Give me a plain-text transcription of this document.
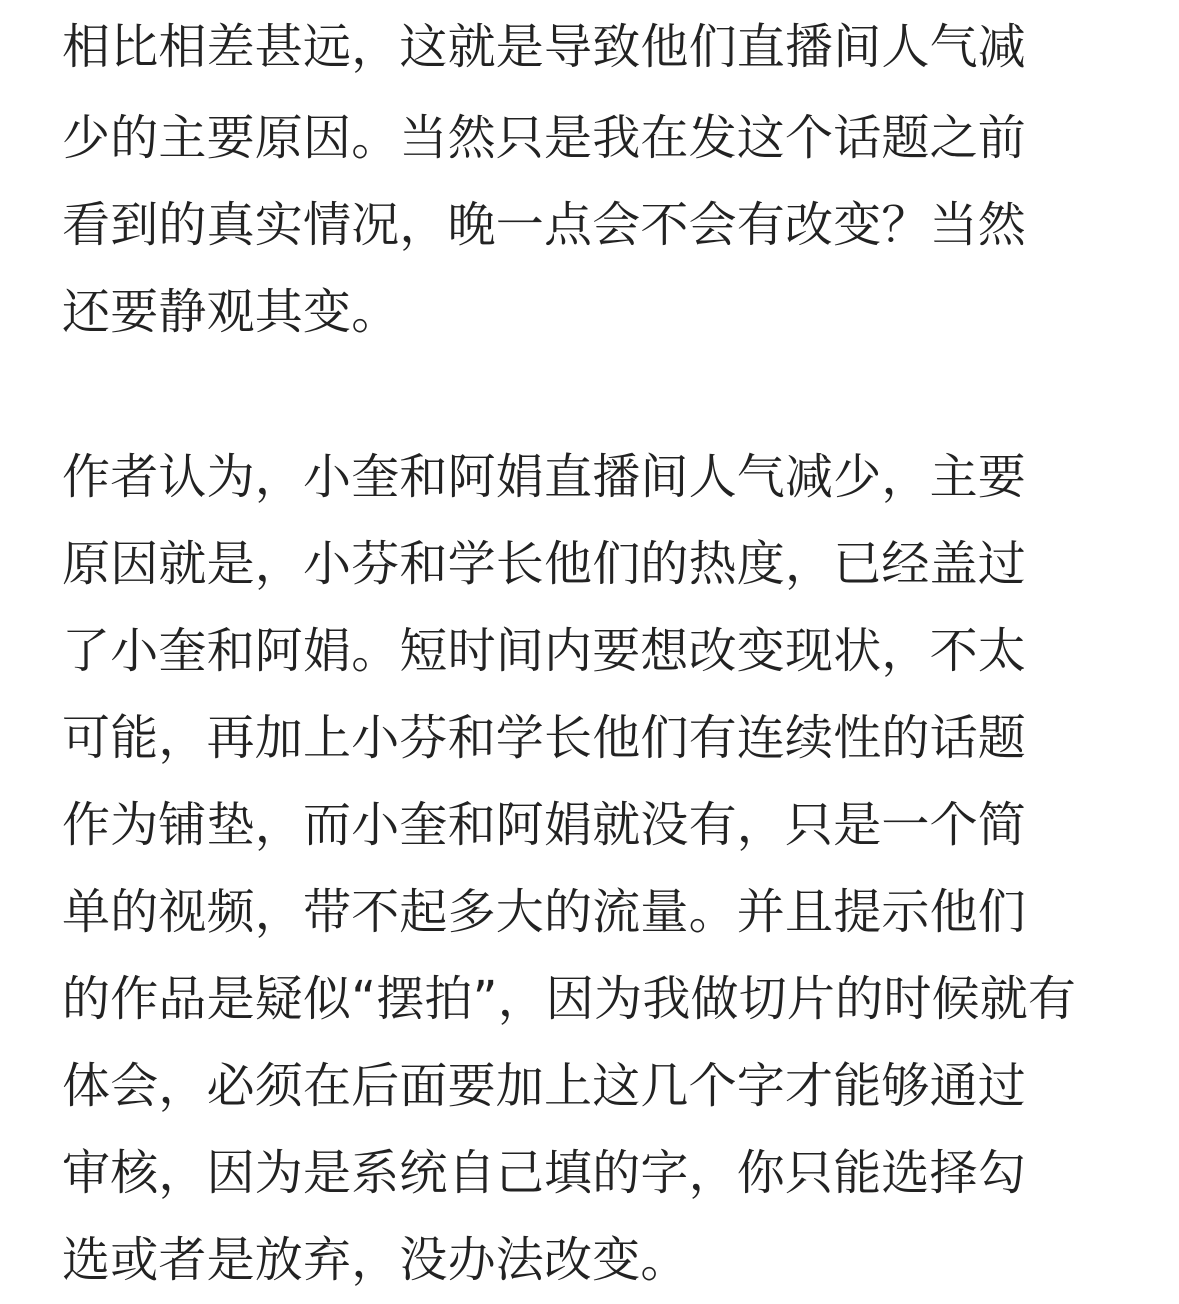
相比相差甚远，这就是导致他们直播间人气减
少的主要原因。当然只是我在发这个话题之前
看到的真实情况，晚一点会不会有改变？当然
还要静观其变。
作者认为，小奎和阿娟直播间人气减少，主要
原因就是，小芬和学长他们的热度，已经盖过
了小奎和阿娟。短时间内要想改变现状，不太
可能，再加上小芬和学长他们有连续性的话题
作为铺垫，而小奎和阿娟就没有，只是一个简
单的视频，带不起多大的流量。并且提示他们
的作品是疑似“摆拍”，因为我做切片的时候就有
体会，必须在后面要加上这几个字才能够通过
审核，因为是系统自己填的字，你只能选择勾
选或者是放弃，没办法改变。
